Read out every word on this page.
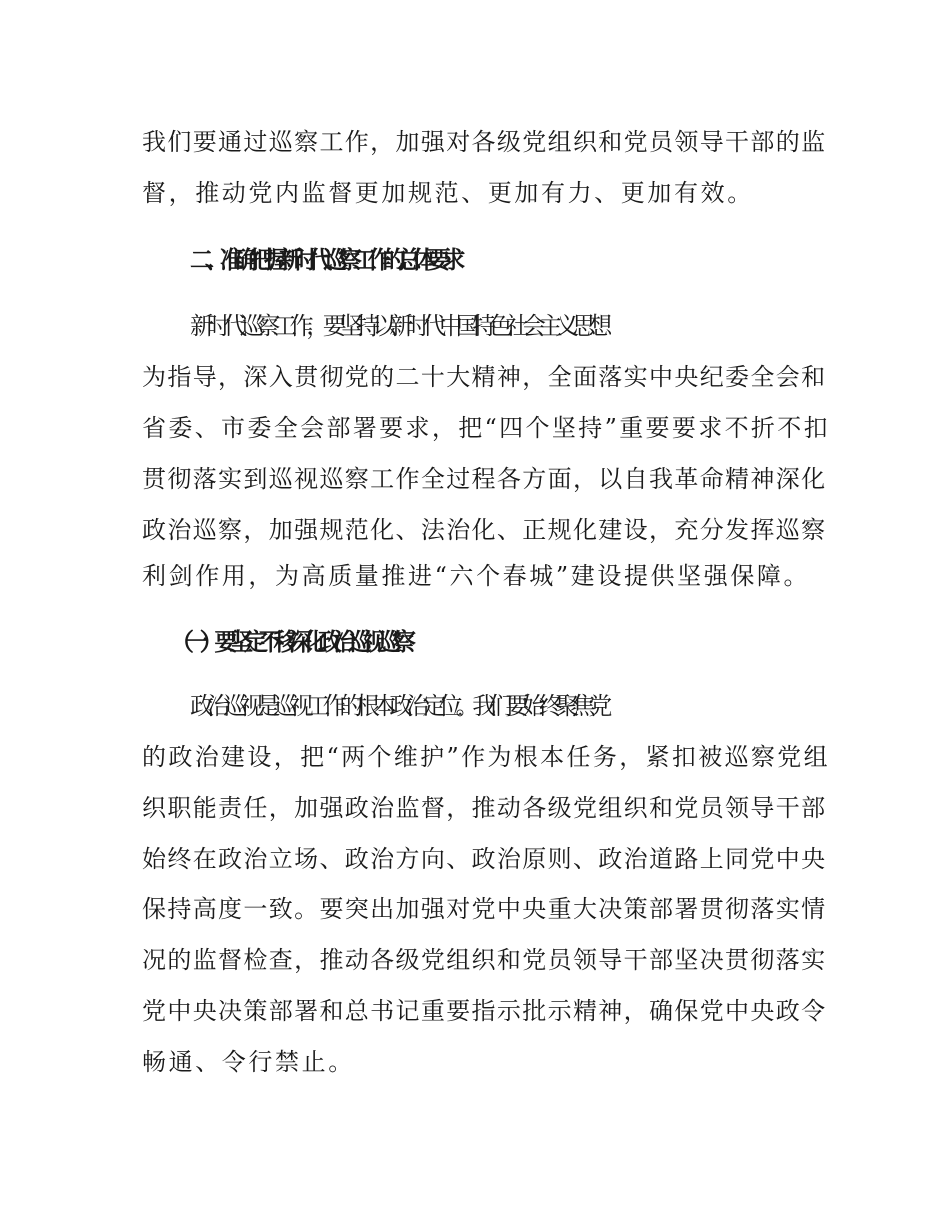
我们要通过巡察工作，加强对各级党组织和党员领导干部的监
督，推动党内监督更加规范、更加有力、更加有效。
二、准确把握新时代巡察工作的总体要求
新时代巡察工作，要坚持以新时代中国特色社会主义思想
为指导，深入贯彻党的二十大精神，全面落实中央纪委全会和
省委、市委全会部署要求，把“四个坚持”重要要求不折不扣
贯彻落实到巡视巡察工作全过程各方面，以自我革命精神深化
政治巡察，加强规范化、法治化、正规化建设，充分发挥巡察
利剑作用，为高质量推进“六个春城”建设提供坚强保障。
（一）要坚定不移深化政治巡视巡察
政治巡视是巡视工作的根本政治定位。我们要始终聚焦党
的政治建设，把“两个维护”作为根本任务，紧扣被巡察党组
织职能责任，加强政治监督，推动各级党组织和党员领导干部
始终在政治立场、政治方向、政治原则、政治道路上同党中央
保持高度一致。要突出加强对党中央重大决策部署贯彻落实情
况的监督检查，推动各级党组织和党员领导干部坚决贯彻落实
党中央决策部署和总书记重要指示批示精神，确保党中央政令
畅通、令行禁止。
